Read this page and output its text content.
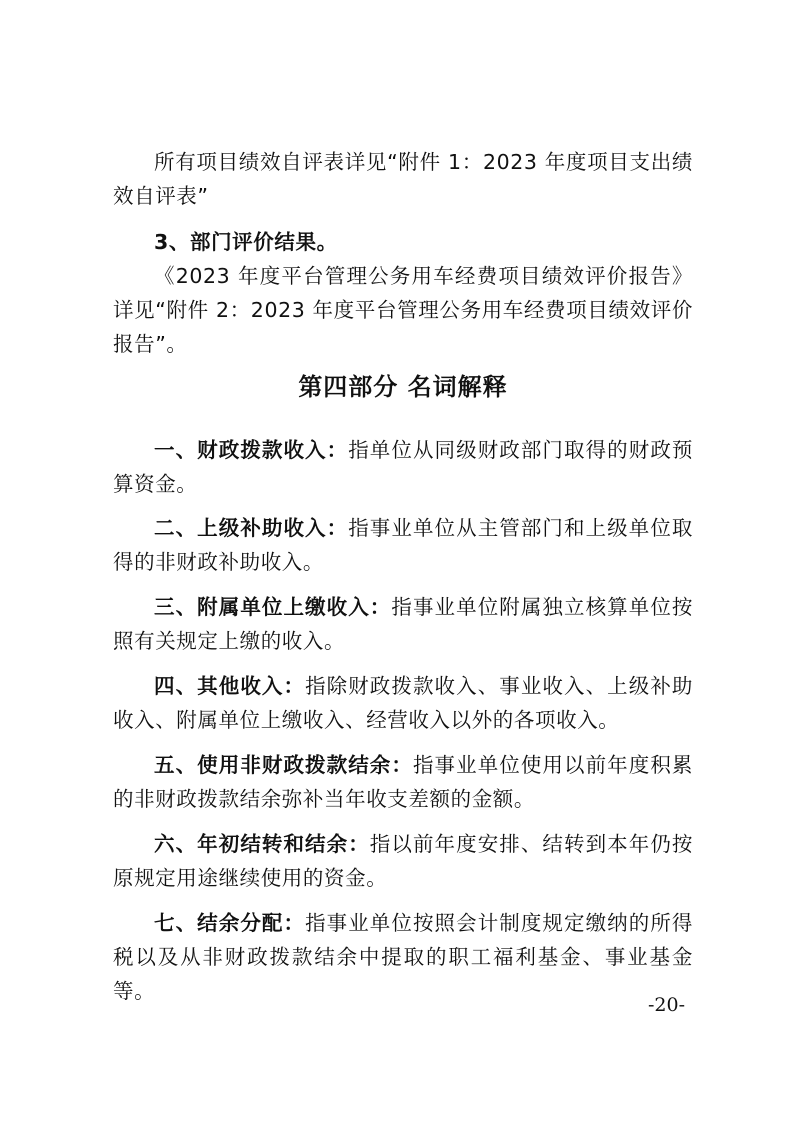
所有项目绩效自评表详见“附件 1：2023 年度项目支出绩效自评表”

3、部门评价结果。

《2023 年度平台管理公务用车经费项目绩效评价报告》详见“附件 2：2023 年度平台管理公务用车经费项目绩效评价报告”。

第四部分 名词解释

一、财政拨款收入：指单位从同级财政部门取得的财政预算资金。

二、上级补助收入：指事业单位从主管部门和上级单位取得的非财政补助收入。

三、附属单位上缴收入：指事业单位附属独立核算单位按照有关规定上缴的收入。

四、其他收入：指除财政拨款收入、事业收入、上级补助收入、附属单位上缴收入、经营收入以外的各项收入。

五、使用非财政拨款结余：指事业单位使用以前年度积累的非财政拨款结余弥补当年收支差额的金额。

六、年初结转和结余：指以前年度安排、结转到本年仍按原规定用途继续使用的资金。

七、结余分配：指事业单位按照会计制度规定缴纳的所得税以及从非财政拨款结余中提取的职工福利基金、事业基金等。

-20-
